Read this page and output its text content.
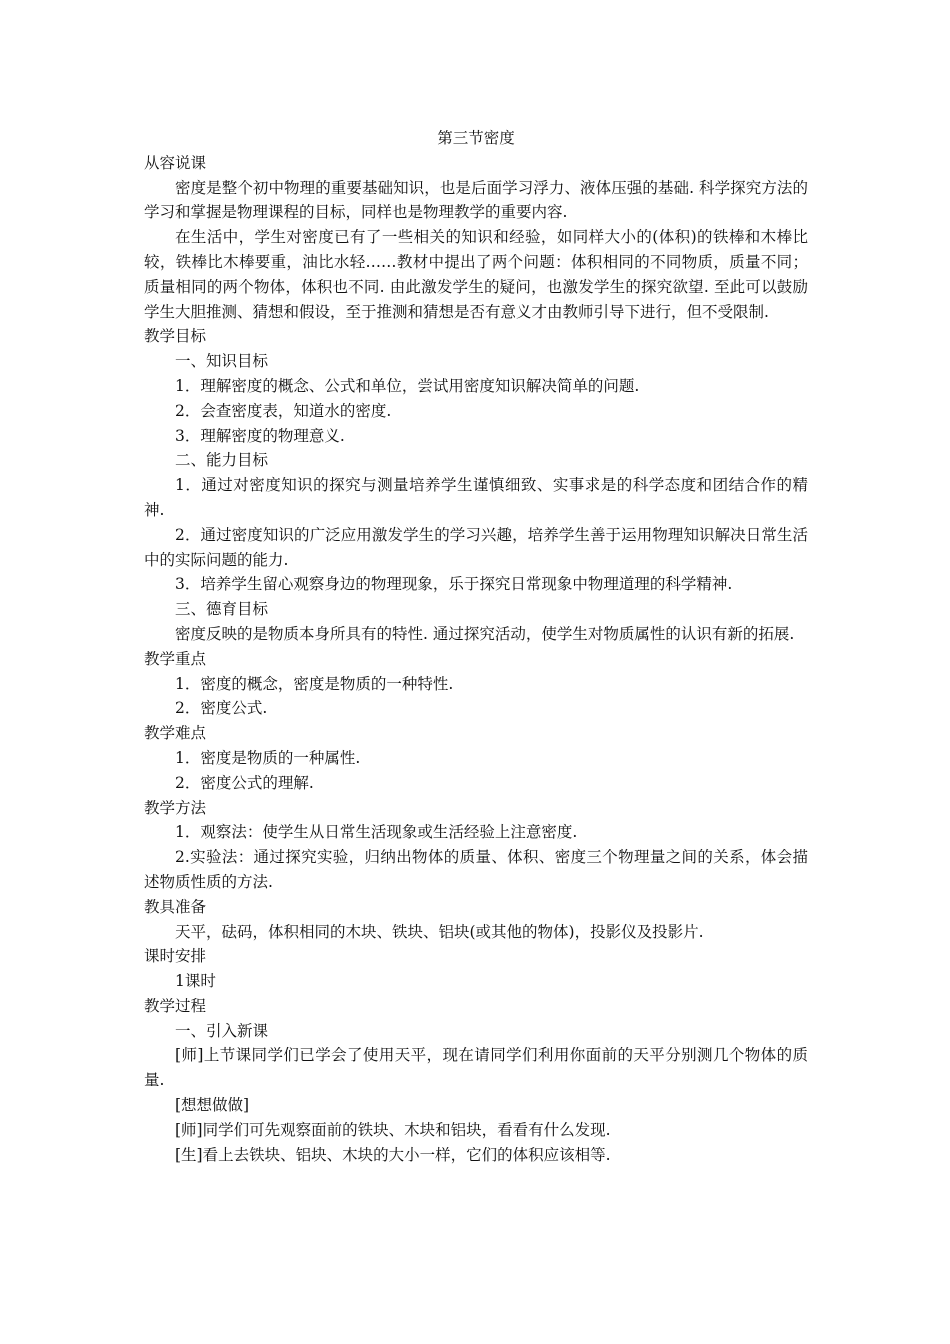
第三节密度

从容说课

密度是整个初中物理的重要基础知识，也是后面学习浮力、液体压强的基础. 科学探究方法的学习和掌握是物理课程的目标，同样也是物理教学的重要内容.

在生活中，学生对密度已有了一些相关的知识和经验，如同样大小的(体积)的铁棒和木棒比较，铁棒比木棒要重，油比水轻……教材中提出了两个问题：体积相同的不同物质，质量不同；质量相同的两个物体，体积也不同. 由此激发学生的疑问，也激发学生的探究欲望. 至此可以鼓励学生大胆推测、猜想和假设，至于推测和猜想是否有意义才由教师引导下进行，但不受限制.

教学目标

一、知识目标

1．理解密度的概念、公式和单位，尝试用密度知识解决简单的问题.

2．会查密度表，知道水的密度.

3．理解密度的物理意义.

二、能力目标

1．通过对密度知识的探究与测量培养学生谨慎细致、实事求是的科学态度和团结合作的精神.

2．通过密度知识的广泛应用激发学生的学习兴趣，培养学生善于运用物理知识解决日常生活中的实际问题的能力.

3．培养学生留心观察身边的物理现象，乐于探究日常现象中物理道理的科学精神.

三、德育目标

密度反映的是物质本身所具有的特性. 通过探究活动，使学生对物质属性的认识有新的拓展.

教学重点

1．密度的概念，密度是物质的一种特性.

2．密度公式.

教学难点

1．密度是物质的一种属性.

2．密度公式的理解.

教学方法

1．观察法：使学生从日常生活现象或生活经验上注意密度.

2.实验法：通过探究实验，归纳出物体的质量、体积、密度三个物理量之间的关系，体会描述物质性质的方法.

教具准备

天平，砝码，体积相同的木块、铁块、铝块(或其他的物体)，投影仪及投影片.

课时安排

1课时

教学过程

一、引入新课

[师]上节课同学们已学会了使用天平，现在请同学们利用你面前的天平分别测几个物体的质量.

[想想做做]

[师]同学们可先观察面前的铁块、木块和铝块，看看有什么发现.

[生]看上去铁块、铝块、木块的大小一样，它们的体积应该相等.
